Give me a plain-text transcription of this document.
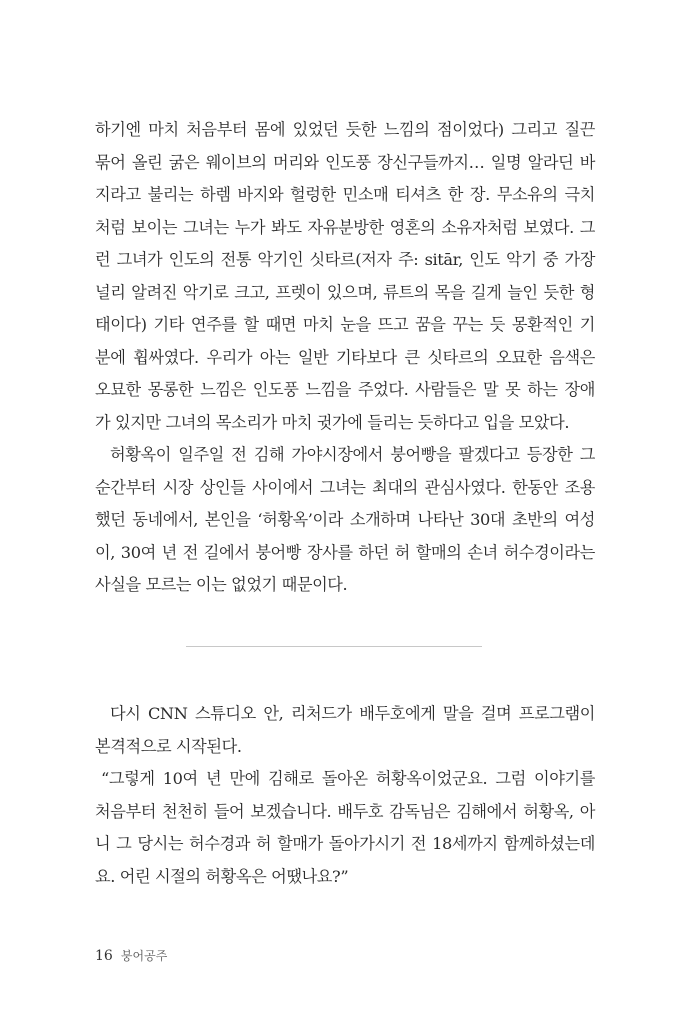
하기엔 마치 처음부터 몸에 있었던 듯한 느낌의 점이었다) 그리고 질끈
묶어 올린 굵은 웨이브의 머리와 인도풍 장신구들까지… 일명 알라딘 바
지라고 불리는 하렘 바지와 헐렁한 민소매 티셔츠 한 장. 무소유의 극치
처럼 보이는 그녀는 누가 봐도 자유분방한 영혼의 소유자처럼 보였다. 그
런 그녀가 인도의 전통 악기인 싯타르(저자 주: sitār, 인도 악기 중 가장
널리 알려진 악기로 크고, 프렛이 있으며, 류트의 목을 길게 늘인 듯한 형
태이다) 기타 연주를 할 때면 마치 눈을 뜨고 꿈을 꾸는 듯 몽환적인 기
분에 휩싸였다. 우리가 아는 일반 기타보다 큰 싯타르의 오묘한 음색은
오묘한 몽롱한 느낌은 인도풍 느낌을 주었다. 사람들은 말 못 하는 장애
가 있지만 그녀의 목소리가 마치 귓가에 들리는 듯하다고 입을 모았다.
허황옥이 일주일 전 김해 가야시장에서 붕어빵을 팔겠다고 등장한 그
순간부터 시장 상인들 사이에서 그녀는 최대의 관심사였다. 한동안 조용
했던 동네에서, 본인을 ‘허황옥’이라 소개하며 나타난 30대 초반의 여성
이, 30여 년 전 길에서 붕어빵 장사를 하던 허 할매의 손녀 허수경이라는
사실을 모르는 이는 없었기 때문이다.
다시 CNN 스튜디오 안, 리처드가 배두호에게 말을 걸며 프로그램이
본격적으로 시작된다.
“그렇게 10여 년 만에 김해로 돌아온 허황옥이었군요. 그럼 이야기를
처음부터 천천히 들어 보겠습니다. 배두호 감독님은 김해에서 허황옥, 아
니 그 당시는 허수경과 허 할매가 돌아가시기 전 18세까지 함께하셨는데
요. 어린 시절의 허황옥은 어땠나요?”
16 붕어공주
